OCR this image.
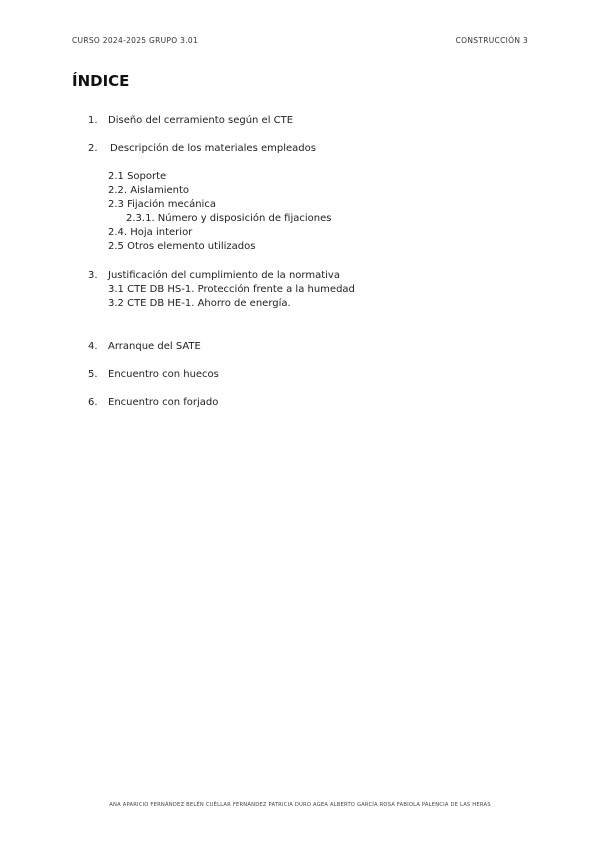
CURSO 2024-2025 GRUPO 3.01	CONSTRUCCIÓN 3
ÍNDICE
1. Diseño del cerramiento según el CTE
2. Descripción de los materiales empleados
2.1 Soporte
2.2. Aislamiento
2.3 Fijación mecánica
2.3.1. Número y disposición de fijaciones
2.4. Hoja interior
2.5 Otros elemento utilizados
3. Justificación del cumplimiento de la normativa
3.1 CTE DB HS-1. Protección frente a la humedad
3.2 CTE DB HE-1. Ahorro de energía.
4. Arranque del SATE
5. Encuentro con huecos
6. Encuentro con forjado
ANA APARICIO FERNÁNDEZ BELÉN CUÉLLAR FERNÁNDEZ PATRICIA DURO AGEA ALBERTO GARCÍA ROSA FABIOLA PALENCIA DE LAS HERAS
